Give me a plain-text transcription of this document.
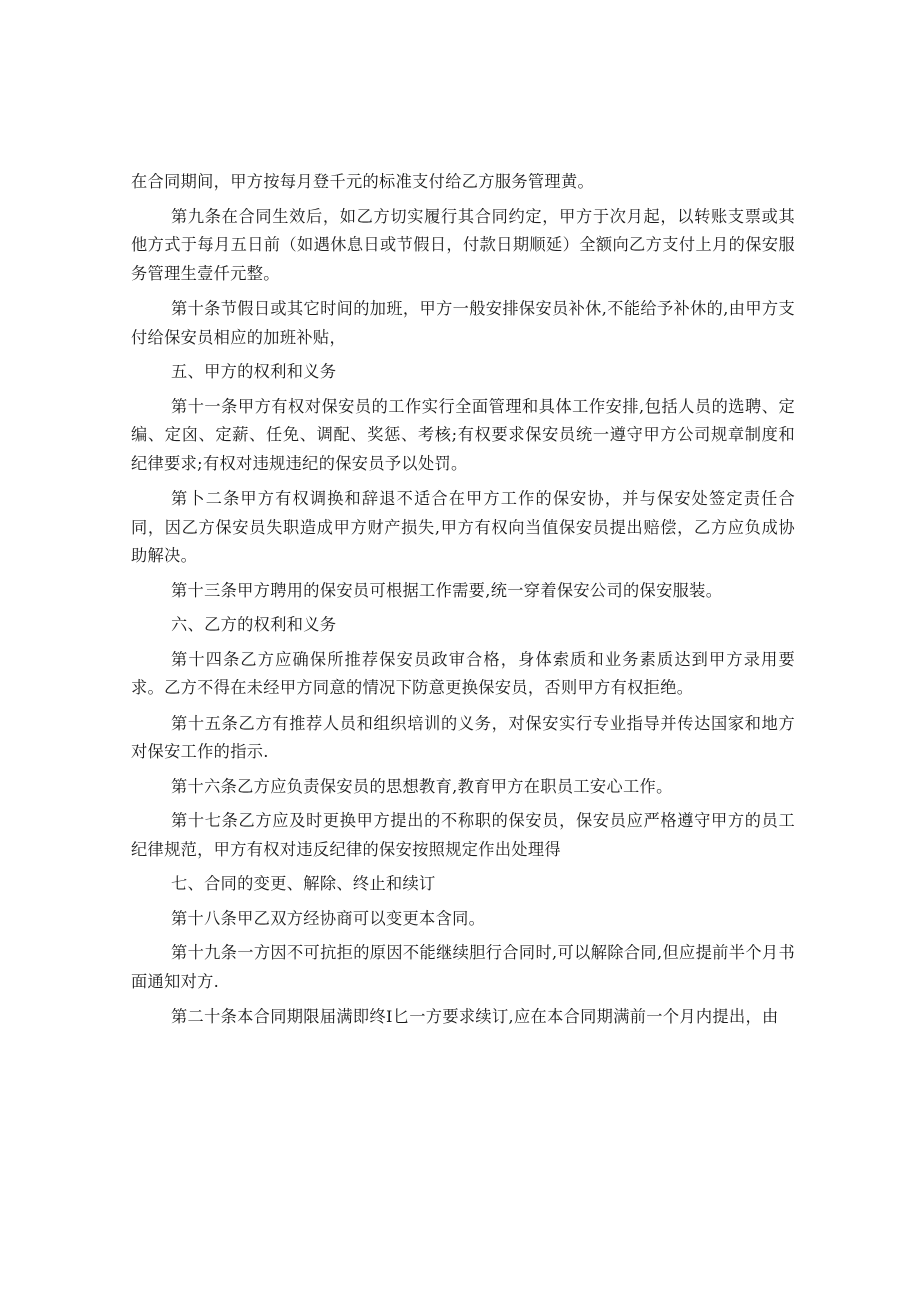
在合同期间，甲方按每月登千元的标准支付给乙方服务管理黄。

第九条在合同生效后，如乙方切实履行其合同约定，甲方于次月起，以转账支票或其他方式于每月五日前（如遇休息日或节假日，付款日期顺延）全额向乙方支付上月的保安服务管理生壹仟元整。

第十条节假日或其它时间的加班，甲方一般安排保安员补休,不能给予补休的,由甲方支付给保安员相应的加班补贴，

五、甲方的权利和义务

第十一条甲方有权对保安员的工作实行全面管理和具体工作安排,包括人员的选聘、定编、定囟、定薪、任免、调配、奖惩、考核;有权要求保安员统一遵守甲方公司规章制度和纪律要求;有权对违规违纪的保安员予以处罚。

第卜二条甲方有权调换和辞退不适合在甲方工作的保安协，并与保安处签定责任合同，因乙方保安员失职造成甲方财产损失,甲方有权向当值保安员提出赔偿，乙方应负成协助解决。

第十三条甲方聘用的保安员可根据工作需要,统一穿着保安公司的保安服装。

六、乙方的权利和义务

第十四条乙方应确保所推荐保安员政审合格，身体索质和业务素质达到甲方录用要求。乙方不得在未经甲方同意的情况下防意更换保安员，否则甲方有权拒绝。

第十五条乙方有推荐人员和组织培训的义务，对保安实行专业指导并传达国家和地方对保安工作的指示.

第十六条乙方应负责保安员的思想教育,教育甲方在职员工安心工作。

第十七条乙方应及时更换甲方提出的不称职的保安员，保安员应严格遵守甲方的员工纪律规范，甲方有权对违反纪律的保安按照规定作出处理得

七、合同的变更、解除、终止和续订

第十八条甲乙双方经协商可以变更本含同。

第十九条一方因不可抗拒的原因不能继续胆行合同时,可以解除合同,但应提前半个月书面通知对方.

第二十条本合同期限届满即终I匕一方要求续订,应在本合同期满前一个月内提出，由
